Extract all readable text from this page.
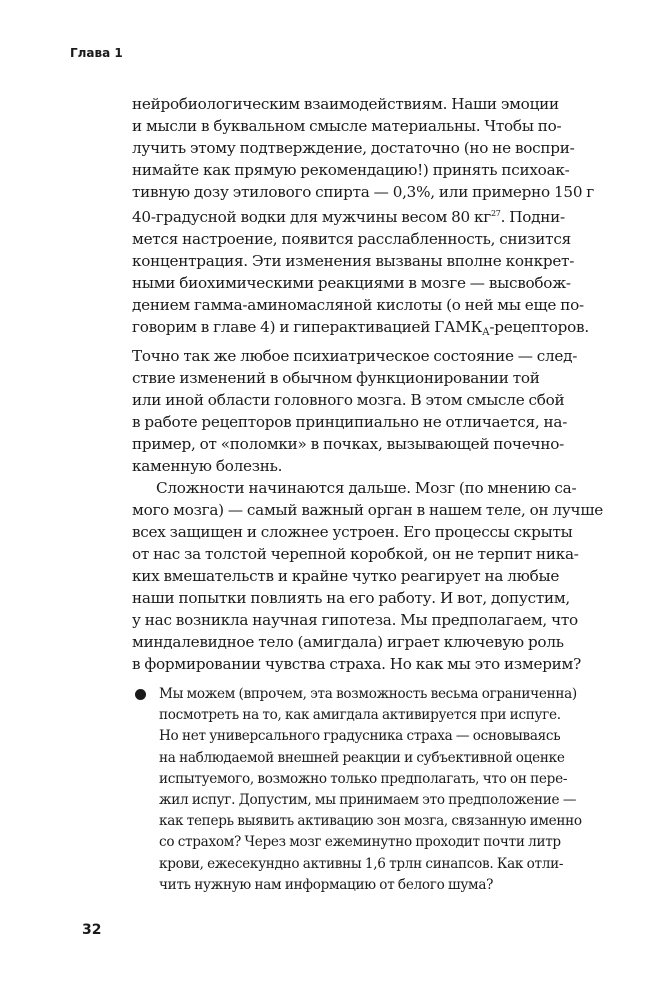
Глава 1
нейробиологическим взаимодействиям. Наши эмоции
и мысли в буквальном смысле материальны. Чтобы по-
лучить этому подтверждение, достаточно (но не воспри-
нимайте как прямую рекомендацию!) принять психоак-
тивную дозу этилового спирта — 0,3%, или примерно 150 г
40-градусной водки для мужчины весом 80 $кг^{27}$. Подни-
мется настроение, появится расслабленность, снизится
концентрация. Эти изменения вызваны вполне конкрет-
ными биохимическими реакциями в мозге — высвобож-
дением гамма-аминомасляной кислоты (о ней мы еще по-
говорим в главе 4) и гиперактивацией $ГАМК_А$-рецепторов.
Точно так же любое психиатрическое состояние — след-
ствие изменений в обычном функционировании той
или иной области головного мозга. В этом смысле сбой
в работе рецепторов принципиально не отличается, на-
пример, от «поломки» в почках, вызывающей почечно-
каменную болезнь.
Сложности начинаются дальше. Мозг (по мнению са-
мого мозга) — самый важный орган в нашем теле, он лучше
всех защищен и сложнее устроен. Его процессы скрыты
от нас за толстой черепной коробкой, он не терпит ника-
ких вмешательств и крайне чутко реагирует на любые
наши попытки повлиять на его работу. И вот, допустим,
у нас возникла научная гипотеза. Мы предполагаем, что
миндалевидное тело (амигдала) играет ключевую роль
в формировании чувства страха. Но как мы это измерим?
Мы можем (впрочем, эта возможность весьма ограниченна)
посмотреть на то, как амигдала активируется при испуге.
Но нет универсального градусника страха — основываясь
на наблюдаемой внешней реакции и субъективной оценке
испытуемого, возможно только предполагать, что он пере-
жил испуг. Допустим, мы принимаем это предположение —
как теперь выявить активацию зон мозга, связанную именно
со страхом? Через мозг ежеминутно проходит почти литр
крови, ежесекундно активны 1,6 трлн синапсов. Как отли-
чить нужную нам информацию от белого шума?
32
